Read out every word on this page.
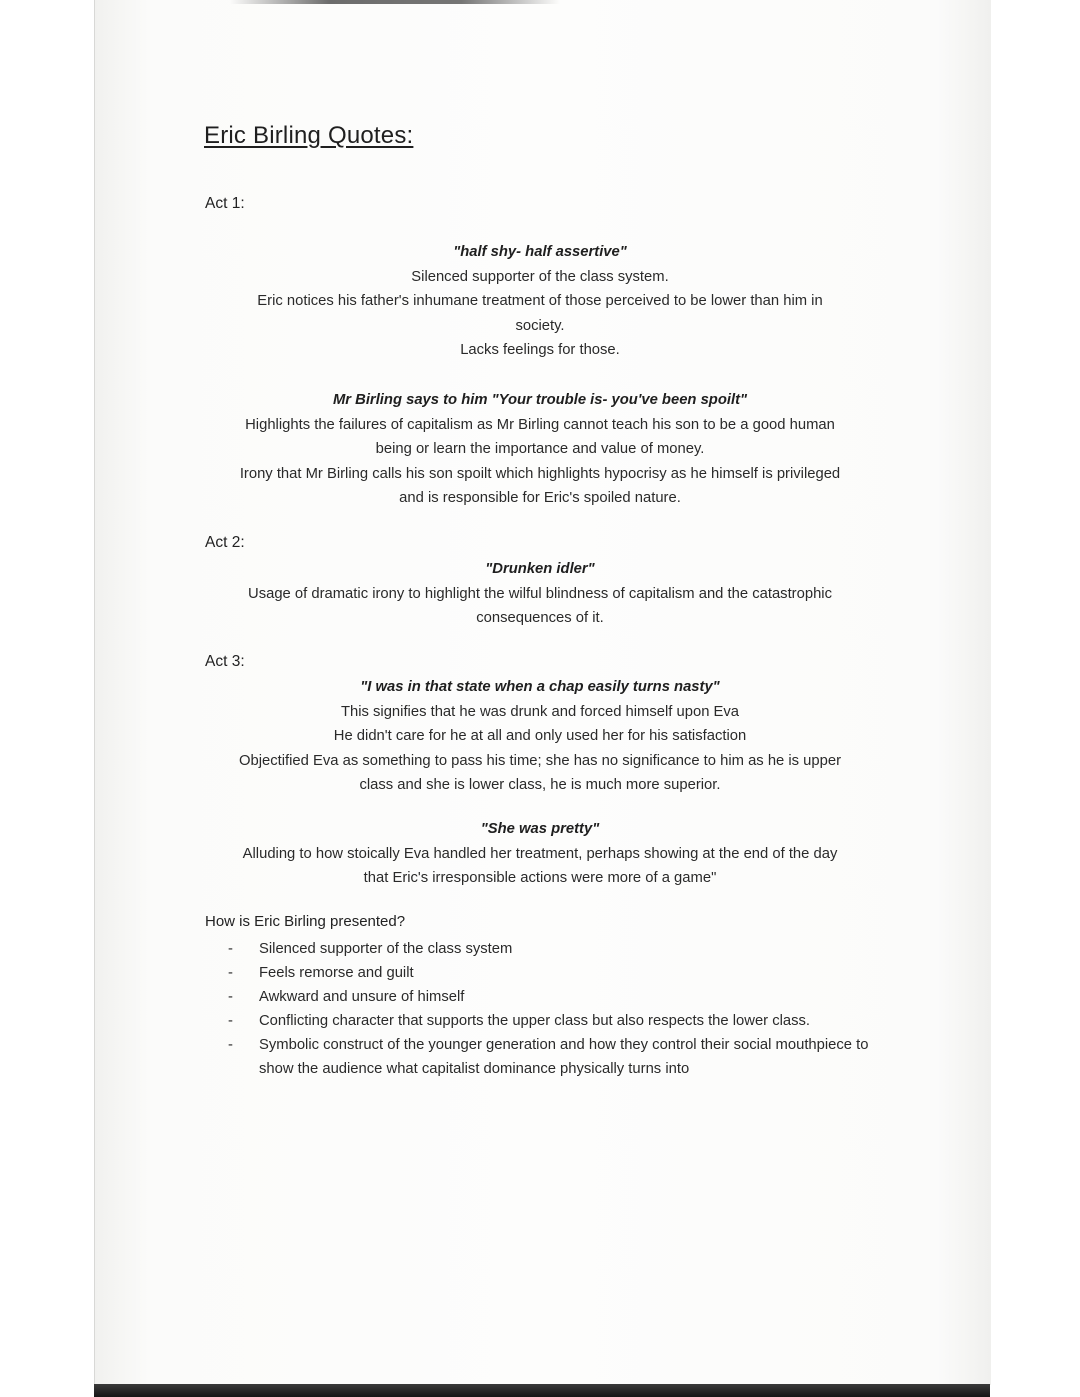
Eric Birling Quotes:
Act 1:

"half shy- half assertive"

Silenced supporter of the class system.

Eric notices his father's inhumane treatment of those perceived to be lower than him in

society.

Lacks feelings for those.

Mr Birling says to him "Your trouble is- you've been spoilt"

Highlights the failures of capitalism as Mr Birling cannot teach his son to be a good human

being or learn the importance and value of money.

Irony that Mr Birling calls his son spoilt which highlights hypocrisy as he himself is privileged

and is responsible for Eric's spoiled nature.

Act 2:

"Drunken idler"

Usage of dramatic irony to highlight the wilful blindness of capitalism and the catastrophic

consequences of it.

Act 3:

"I was in that state when a chap easily turns nasty"

This signifies that he was drunk and forced himself upon Eva

He didn't care for he at all and only used her for his satisfaction

Objectified Eva as something to pass his time; she has no significance to him as he is upper

class and she is lower class, he is much more superior.

"She was pretty"

Alluding to how stoically Eva handled her treatment, perhaps showing at the end of the day

that Eric's irresponsible actions were more of a game"

How is Eric Birling presented?
- Silenced supporter of the class system
- Feels remorse and guilt
- Awkward and unsure of himself
- Conflicting character that supports the upper class but also respects the lower class.
- Symbolic construct of the younger generation and how they control their social mouthpiece to show the audience what capitalist dominance physically turns into
